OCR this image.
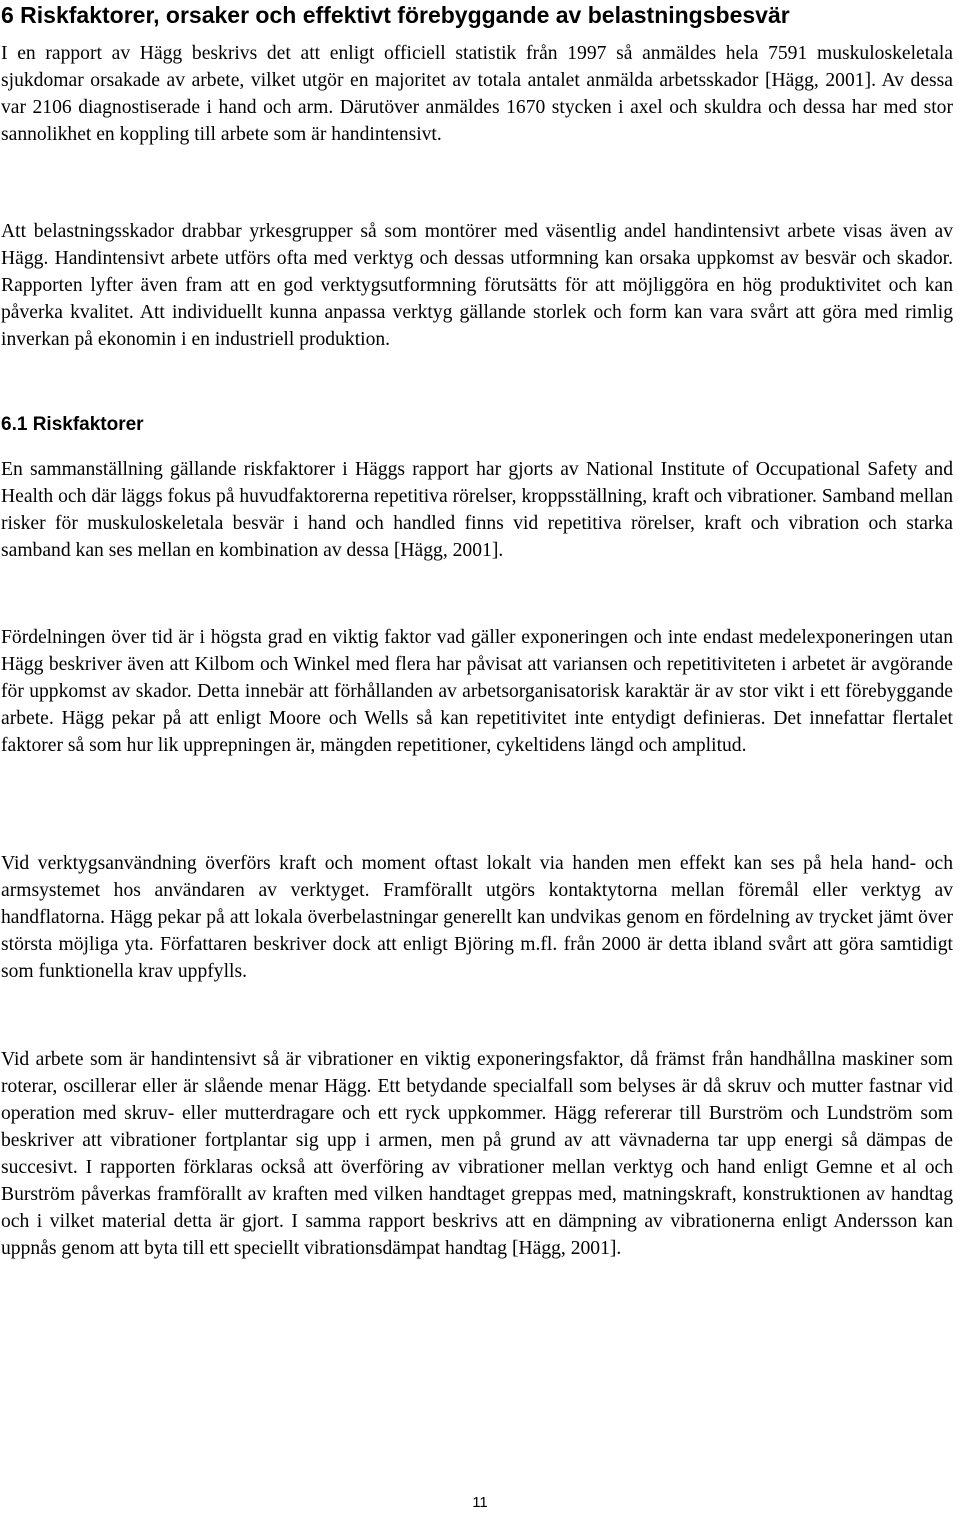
6 Riskfaktorer, orsaker och effektivt förebyggande av belastningsbesvär

I en rapport av Hägg beskrivs det att enligt officiell statistik från 1997 så anmäldes hela 7591 muskuloskeletala sjukdomar orsakade av arbete, vilket utgör en majoritet av totala antalet anmälda arbetsskador [Hägg, 2001]. Av dessa var 2106 diagnostiserade i hand och arm. Därutöver anmäldes 1670 stycken i axel och skuldra och dessa har med stor sannolikhet en koppling till arbete som är handintensivt.

Att belastningsskador drabbar yrkesgrupper så som montörer med väsentlig andel handintensivt arbete visas även av Hägg. Handintensivt arbete utförs ofta med verktyg och dessas utformning kan orsaka uppkomst av besvär och skador. Rapporten lyfter även fram att en god verktygsutformning förutsätts för att möjliggöra en hög produktivitet och kan påverka kvalitet. Att individuellt kunna anpassa verktyg gällande storlek och form kan vara svårt att göra med rimlig inverkan på ekonomin i en industriell produktion.

6.1 Riskfaktorer

En sammanställning gällande riskfaktorer i Häggs rapport har gjorts av National Institute of Occupational Safety and Health och där läggs fokus på huvudfaktorerna repetitiva rörelser, kroppsställning, kraft och vibrationer. Samband mellan risker för muskuloskeletala besvär i hand och handled finns vid repetitiva rörelser, kraft och vibration och starka samband kan ses mellan en kombination av dessa [Hägg, 2001].

Fördelningen över tid är i högsta grad en viktig faktor vad gäller exponeringen och inte endast medelexponeringen utan Hägg beskriver även att Kilbom och Winkel med flera har påvisat att variansen och repetitiviteten i arbetet är avgörande för uppkomst av skador. Detta innebär att förhållanden av arbetsorganisatorisk karaktär är av stor vikt i ett förebyggande arbete. Hägg pekar på att enligt Moore och Wells så kan repetitivitet inte entydigt definieras. Det innefattar flertalet faktorer så som hur lik upprepningen är, mängden repetitioner, cykeltidens längd och amplitud.

Vid verktygsanvändning överförs kraft och moment oftast lokalt via handen men effekt kan ses på hela hand- och armsystemet hos användaren av verktyget. Framförallt utgörs kontaktytorna mellan föremål eller verktyg av handflatorna. Hägg pekar på att lokala överbelastningar generellt kan undvikas genom en fördelning av trycket jämt över största möjliga yta. Författaren beskriver dock att enligt Björing m.fl. från 2000 är detta ibland svårt att göra samtidigt som funktionella krav uppfylls.

Vid arbete som är handintensivt så är vibrationer en viktig exponeringsfaktor, då främst från handhållna maskiner som roterar, oscillerar eller är slående menar Hägg. Ett betydande specialfall som belyses är då skruv och mutter fastnar vid operation med skruv- eller mutterdragare och ett ryck uppkommer. Hägg refererar till Burström och Lundström som beskriver att vibrationer fortplantar sig upp i armen, men på grund av att vävnaderna tar upp energi så dämpas de succesivt. I rapporten förklaras också att överföring av vibrationer mellan verktyg och hand enligt Gemne et al och Burström påverkas framförallt av kraften med vilken handtaget greppas med, matningskraft, konstruktionen av handtag och i vilket material detta är gjort. I samma rapport beskrivs att en dämpning av vibrationerna enligt Andersson kan uppnås genom att byta till ett speciellt vibrationsdämpat handtag [Hägg, 2001].

11
